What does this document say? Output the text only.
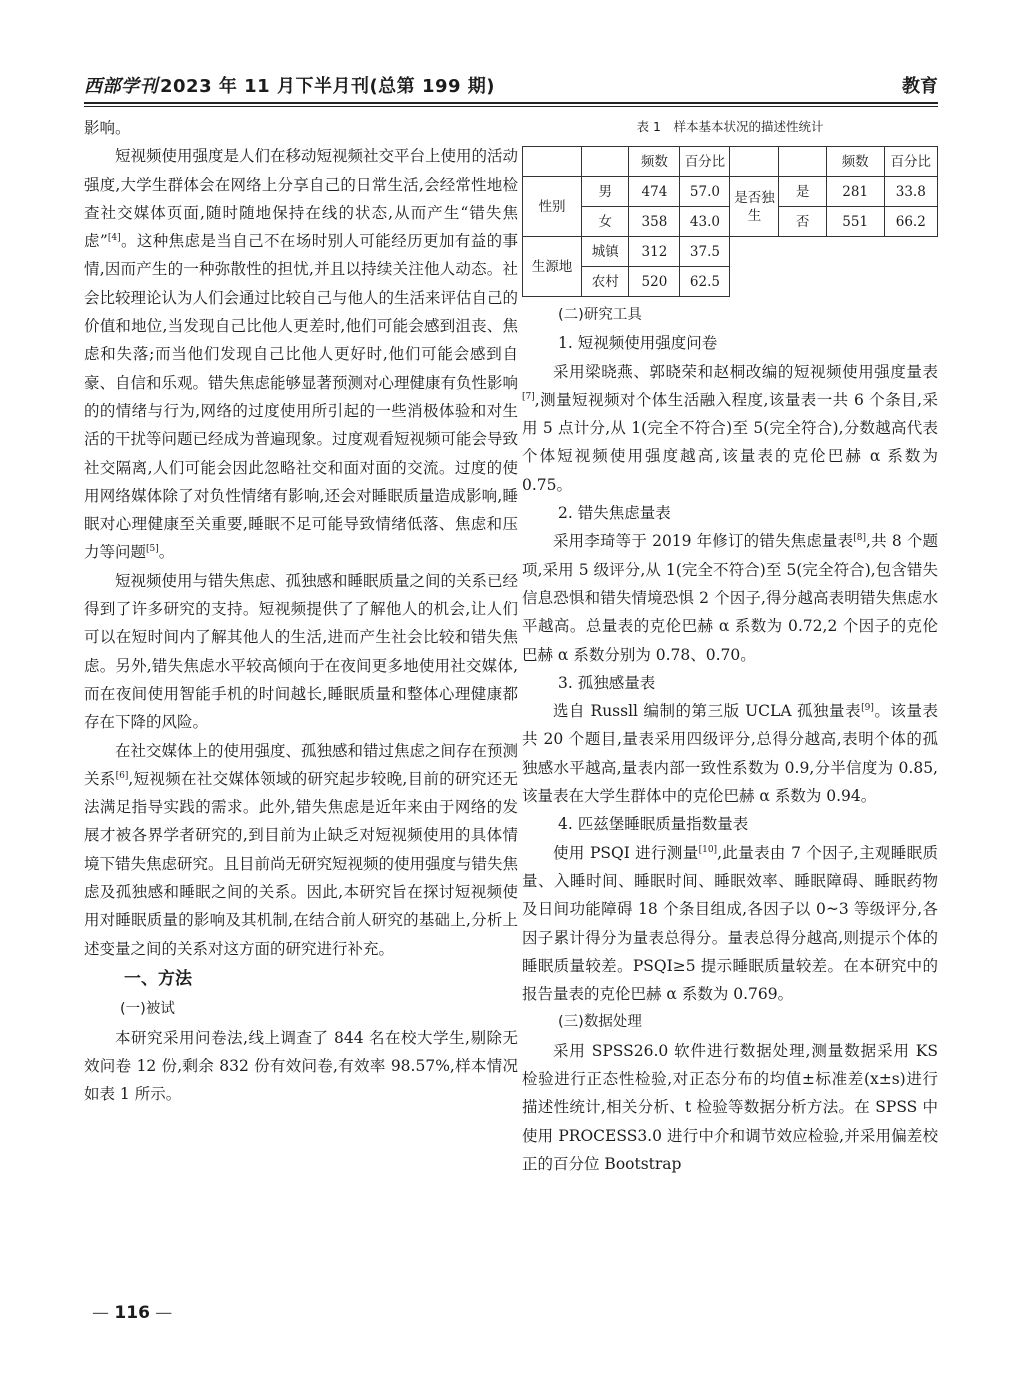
西部学刊 2023 年 11 月下半月刊(总第 199 期)	教育

影响。

短视频使用强度是人们在移动短视频社交平台上使用的活动强度,大学生群体会在网络上分享自己的日常生活,会经常性地检查社交媒体页面,随时随地保持在线的状态,从而产生“错失焦虑”[4]。这种焦虑是当自己不在场时别人可能经历更加有益的事情,因而产生的一种弥散性的担忧,并且以持续关注他人动态。社会比较理论认为人们会通过比较自己与他人的生活来评估自己的价值和地位,当发现自己比他人更差时,他们可能会感到沮丧、焦虑和失落;而当他们发现自己比他人更好时,他们可能会感到自豪、自信和乐观。错失焦虑能够显著预测对心理健康有负性影响的的情绪与行为,网络的过度使用所引起的一些消极体验和对生活的干扰等问题已经成为普遍现象。过度观看短视频可能会导致社交隔离,人们可能会因此忽略社交和面对面的交流。过度的使用网络媒体除了对负性情绪有影响,还会对睡眠质量造成影响,睡眠对心理健康至关重要,睡眠不足可能导致情绪低落、焦虑和压力等问题[5]。

短视频使用与错失焦虑、孤独感和睡眠质量之间的关系已经得到了许多研究的支持。短视频提供了了解他人的机会,让人们可以在短时间内了解其他人的生活,进而产生社会比较和错失焦虑。另外,错失焦虑水平较高倾向于在夜间更多地使用社交媒体,而在夜间使用智能手机的时间越长,睡眠质量和整体心理健康都存在下降的风险。

在社交媒体上的使用强度、孤独感和错过焦虑之间存在预测关系[6],短视频在社交媒体领域的研究起步较晚,目前的研究还无法满足指导实践的需求。此外,错失焦虑是近年来由于网络的发展才被各界学者研究的,到目前为止缺乏对短视频使用的具体情境下错失焦虑研究。且目前尚无研究短视频的使用强度与错失焦虑及孤独感和睡眠之间的关系。因此,本研究旨在探讨短视频使用对睡眠质量的影响及其机制,在结合前人研究的基础上,分析上述变量之间的关系对这方面的研究进行补充。

一、方法

(一)被试

本研究采用问卷法,线上调查了 844 名在校大学生,剔除无效问卷 12 份,剩余 832 份有效问卷,有效率 98.57%,样本情况如表 1 所示。

表 1　样本基本状况的描述性统计
		频数	百分比			频数	百分比
性别	男	474	57.0	是否独生	是	281	33.8
	女	358	43.0		否	551	66.2
生源地	城镇	312	37.5				
	农村	520	62.5				

(二)研究工具

1. 短视频使用强度问卷

采用梁晓燕、郭晓荣和赵桐改编的短视频使用强度量表[7],测量短视频对个体生活融入程度,该量表一共 6 个条目,采用 5 点计分,从 1(完全不符合)至 5(完全符合),分数越高代表个体短视频使用强度越高,该量表的克伦巴赫 α 系数为 0.75。

2. 错失焦虑量表

采用李琦等于 2019 年修订的错失焦虑量表[8],共 8 个题项,采用 5 级评分,从 1(完全不符合)至 5(完全符合),包含错失信息恐惧和错失情境恐惧 2 个因子,得分越高表明错失焦虑水平越高。总量表的克伦巴赫 α 系数为 0.72,2 个因子的克伦巴赫 α 系数分别为 0.78、0.70。

3. 孤独感量表

选自 Russll 编制的第三版 UCLA 孤独量表[9]。该量表共 20 个题目,量表采用四级评分,总得分越高,表明个体的孤独感水平越高,量表内部一致性系数为 0.9,分半信度为 0.85,该量表在大学生群体中的克伦巴赫 α 系数为 0.94。

4. 匹兹堡睡眠质量指数量表

使用 PSQI 进行测量[10],此量表由 7 个因子,主观睡眠质量、入睡时间、睡眠时间、睡眠效率、睡眠障碍、睡眠药物及日间功能障碍 18 个条目组成,各因子以 0~3 等级评分,各因子累计得分为量表总得分。量表总得分越高,则提示个体的睡眠质量较差。PSQI≥5 提示睡眠质量较差。在本研究中的报告量表的克伦巴赫 α 系数为 0.769。

(三)数据处理

采用 SPSS26.0 软件进行数据处理,测量数据采用 KS 检验进行正态性检验,对正态分布的均值±标准差(x±s)进行描述性统计,相关分析、t 检验等数据分析方法。在 SPSS 中使用 PROCESS3.0 进行中介和调节效应检验,并采用偏差校正的百分位 Bootstrap

— 116 —
